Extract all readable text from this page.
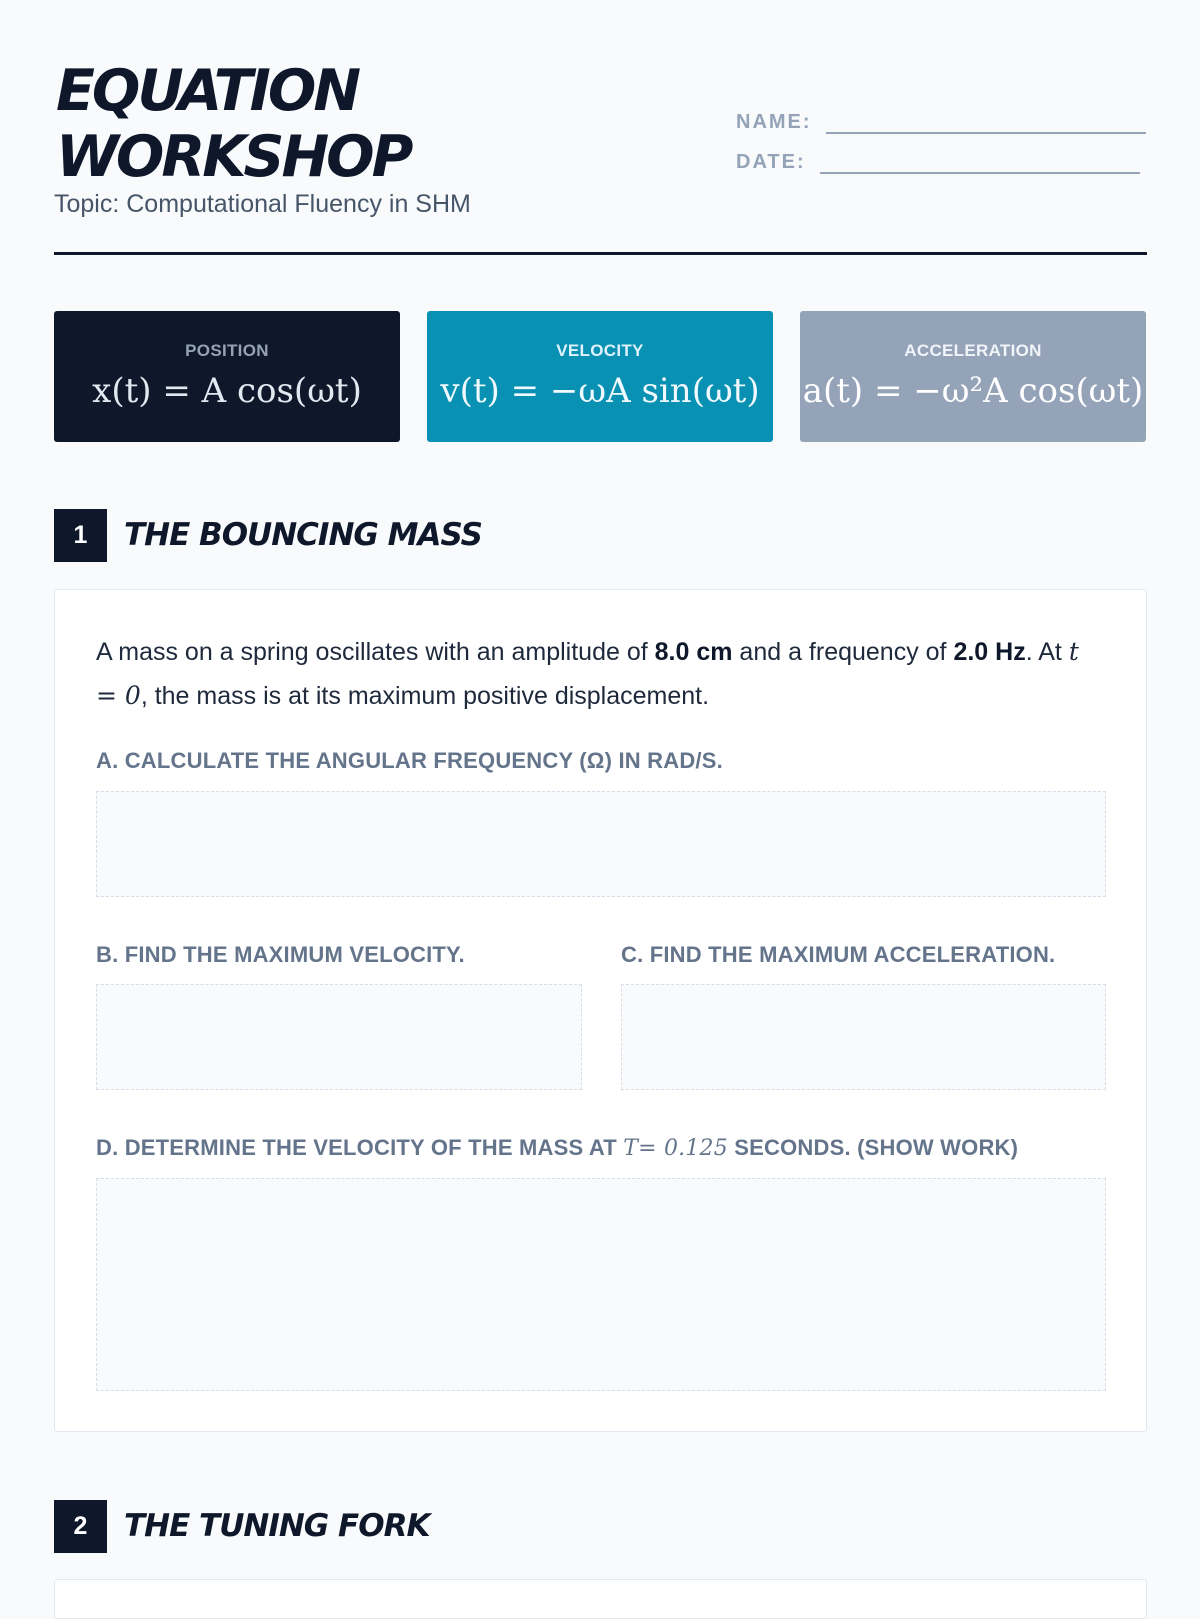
EQUATION
WORKSHOP
Topic: Computational Fluency in SHM
NAME:
DATE:
POSITION
x(t) = A cos(ωt)
VELOCITY
v(t) = −ωA sin(ωt)
ACCELERATION
a(t) = −ω²A cos(ωt)
1	THE BOUNCING MASS
A mass on a spring oscillates with an amplitude of 8.0 cm and a frequency of 2.0 Hz. At t = 0, the mass is at its maximum positive displacement.
A. CALCULATE THE ANGULAR FREQUENCY (Ω) IN RAD/S.
B. FIND THE MAXIMUM VELOCITY.	C. FIND THE MAXIMUM ACCELERATION.
D. DETERMINE THE VELOCITY OF THE MASS AT T= 0.125 SECONDS. (SHOW WORK)
2	THE TUNING FORK
